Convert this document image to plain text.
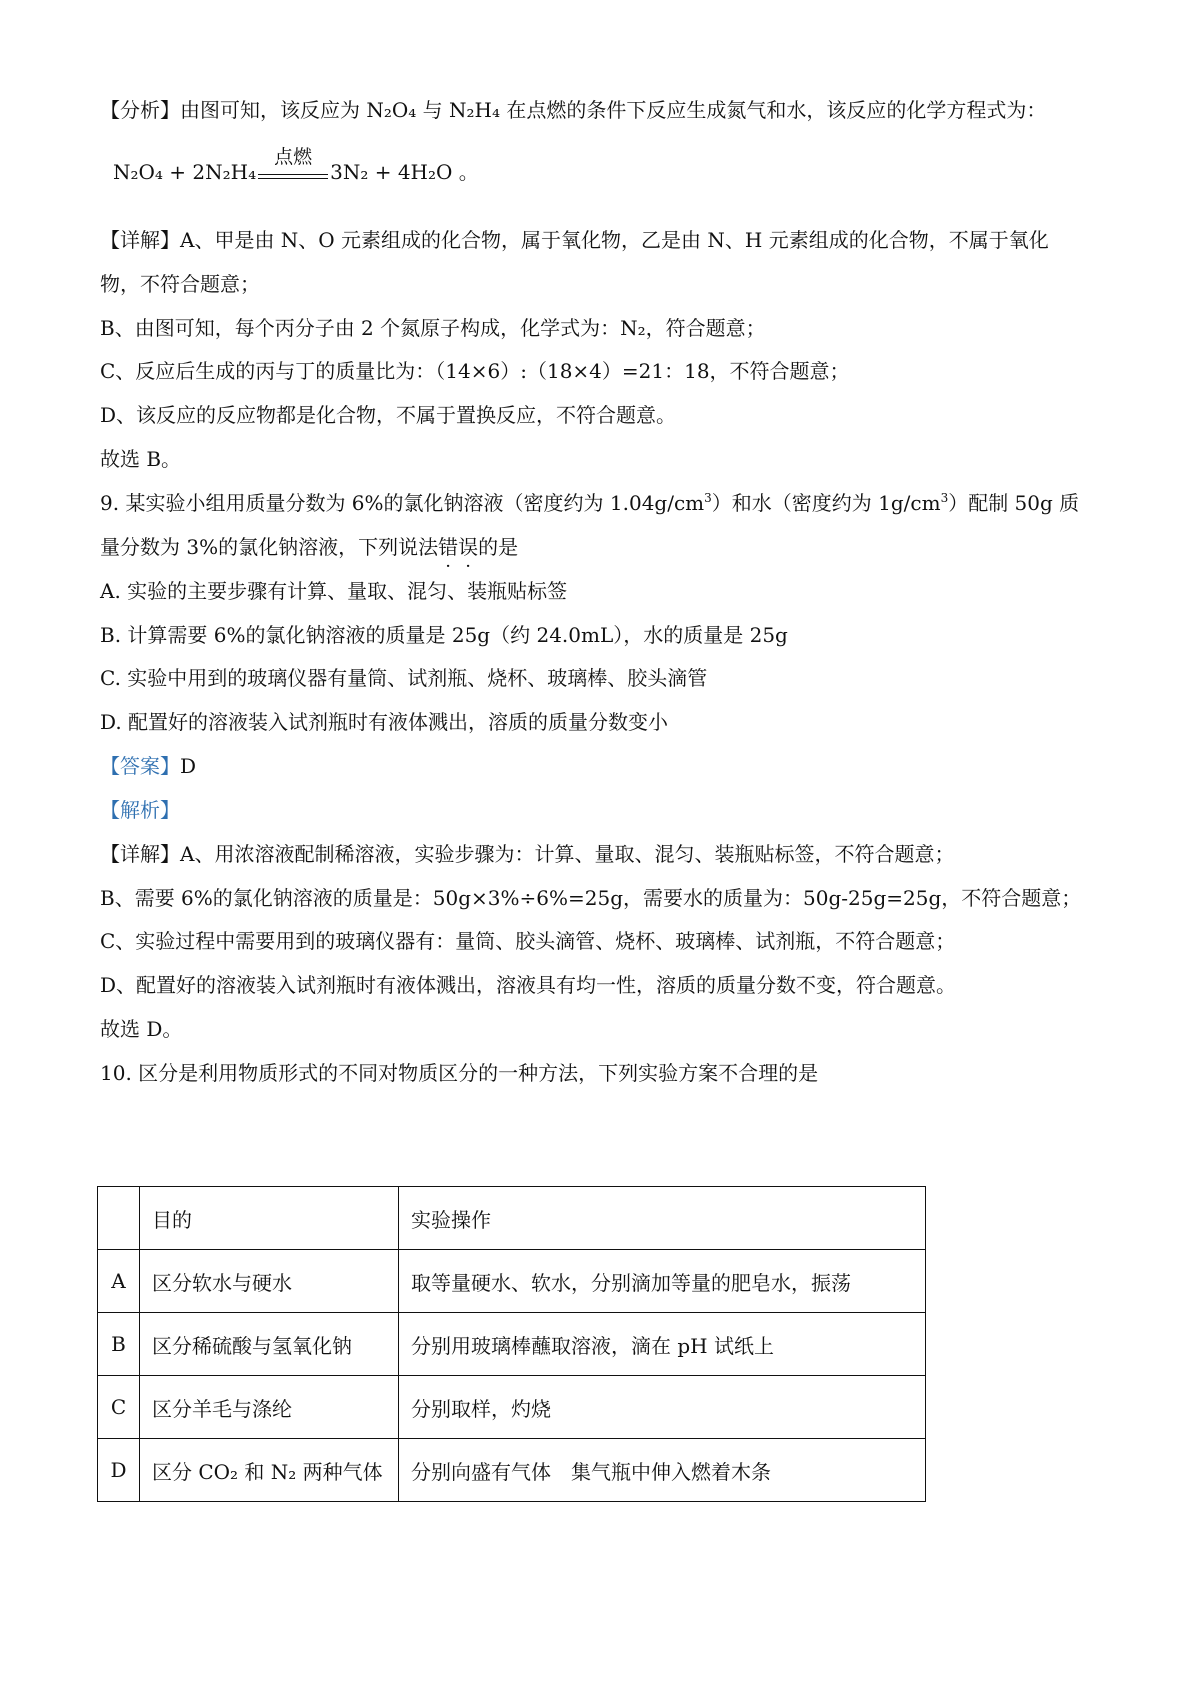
【分析】由图可知，该反应为 N₂O₄ 与 N₂H₄ 在点燃的条件下反应生成氮气和水，该反应的化学方程式为：
N₂O₄ + 2N₂H₄
点燃
3N₂ + 4H₂O 。
【详解】A、甲是由 N、O 元素组成的化合物，属于氧化物，乙是由 N、H 元素组成的化合物，不属于氧化
物，不符合题意；
B、由图可知，每个丙分子由 2 个氮原子构成，化学式为：N₂，符合题意；
C、反应后生成的丙与丁的质量比为：（14×6）:（18×4）=21：18，不符合题意；
D、该反应的反应物都是化合物，不属于置换反应，不符合题意。
故选 B。
9. 某实验小组用质量分数为 6%的氯化钠溶液（密度约为 $1.04g/cm^3$）和水（密度约为 $1g/cm^3$）配制 50g 质
量分数为 3%的氯化钠溶液，下列说法错误的是
A. 实验的主要步骤有计算、量取、混匀、装瓶贴标签
B. 计算需要 6%的氯化钠溶液的质量是 25g（约 24.0mL），水的质量是 25g
C. 实验中用到的玻璃仪器有量筒、试剂瓶、烧杯、玻璃棒、胶头滴管
D. 配置好的溶液装入试剂瓶时有液体溅出，溶质的质量分数变小
【答案】D
【解析】
【详解】A、用浓溶液配制稀溶液，实验步骤为：计算、量取、混匀、装瓶贴标签，不符合题意；
B、需要 6%的氯化钠溶液的质量是：50g×3%÷6%=25g，需要水的质量为：50g-25g=25g，不符合题意；
C、实验过程中需要用到的玻璃仪器有：量筒、胶头滴管、烧杯、玻璃棒、试剂瓶，不符合题意；
D、配置好的溶液装入试剂瓶时有液体溅出，溶液具有均一性，溶质的质量分数不变，符合题意。
故选 D。
10. 区分是利用物质形式的不同对物质区分的一种方法，下列实验方案不合理的是
	目的	实验操作
A	区分软水与硬水	取等量硬水、软水，分别滴加等量的肥皂水，振荡
B	区分稀硫酸与氢氧化钠	分别用玻璃棒蘸取溶液，滴在 pH 试纸上
C	区分羊毛与涤纶	分别取样，灼烧
D	区分 CO₂ 和 N₂ 两种气体	分别向盛有气体　集气瓶中伸入燃着木条
